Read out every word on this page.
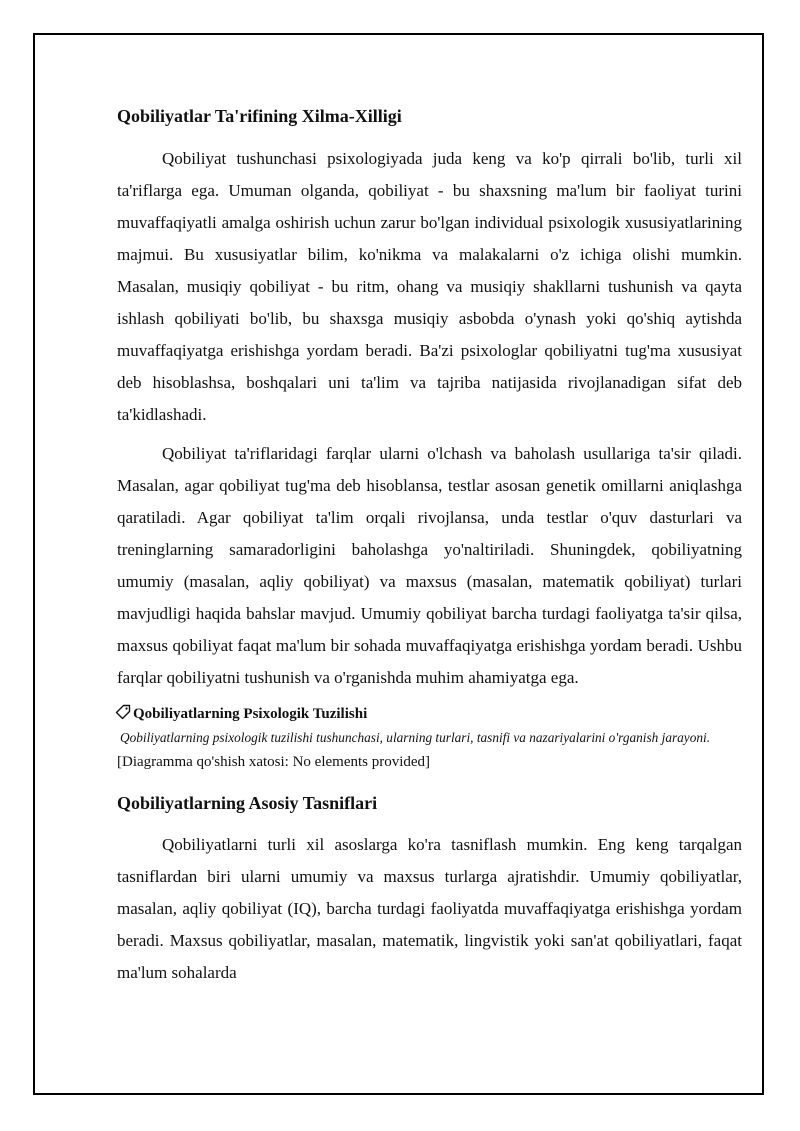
Qobiliyatlar Ta'rifining Xilma-Xilligi

Qobiliyat tushunchasi psixologiyada juda keng va ko'p qirrali bo'lib, turli xil ta'riflarga ega. Umuman olganda, qobiliyat - bu shaxsning ma'lum bir faoliyat turini muvaffaqiyatli amalga oshirish uchun zarur bo'lgan individual psixologik xususiyatlarining majmui. Bu xususiyatlar bilim, ko'nikma va malakalarni o'z ichiga olishi mumkin. Masalan, musiqiy qobiliyat - bu ritm, ohang va musiqiy shakllarni tushunish va qayta ishlash qobiliyati bo'lib, bu shaxsga musiqiy asbobda o'ynash yoki qo'shiq aytishda muvaffaqiyatga erishishga yordam beradi. Ba'zi psixologlar qobiliyatni tug'ma xususiyat deb hisoblashsa, boshqalari uni ta'lim va tajriba natijasida rivojlanadigan sifat deb ta'kidlashadi.

Qobiliyat ta'riflaridagi farqlar ularni o'lchash va baholash usullariga ta'sir qiladi. Masalan, agar qobiliyat tug'ma deb hisoblansa, testlar asosan genetik omillarni aniqlashga qaratiladi. Agar qobiliyat ta'lim orqali rivojlansa, unda testlar o'quv dasturlari va treninglarning samaradorligini baholashga yo'naltiriladi. Shuningdek, qobiliyatning umumiy (masalan, aqliy qobiliyat) va maxsus (masalan, matematik qobiliyat) turlari mavjudligi haqida bahslar mavjud. Umumiy qobiliyat barcha turdagi faoliyatga ta'sir qilsa, maxsus qobiliyat faqat ma'lum bir sohada muvaffaqiyatga erishishga yordam beradi. Ushbu farqlar qobiliyatni tushunish va o'rganishda muhim ahamiyatga ega.

Qobiliyatlarning Psixologik Tuzilishi
Qobiliyatlarning psixologik tuzilishi tushunchasi, ularning turlari, tasnifi va nazariyalarini o'rganish jarayoni.
[Diagramma qo'shish xatosi: No elements provided]
Qobiliyatlarning Asosiy Tasniflari

Qobiliyatlarni turli xil asoslarga ko'ra tasniflash mumkin. Eng keng tarqalgan tasniflardan biri ularni umumiy va maxsus turlarga ajratishdir. Umumiy qobiliyatlar, masalan, aqliy qobiliyat (IQ), barcha turdagi faoliyatda muvaffaqiyatga erishishga yordam beradi. Maxsus qobiliyatlar, masalan, matematik, lingvistik yoki san'at qobiliyatlari, faqat ma'lum sohalarda
